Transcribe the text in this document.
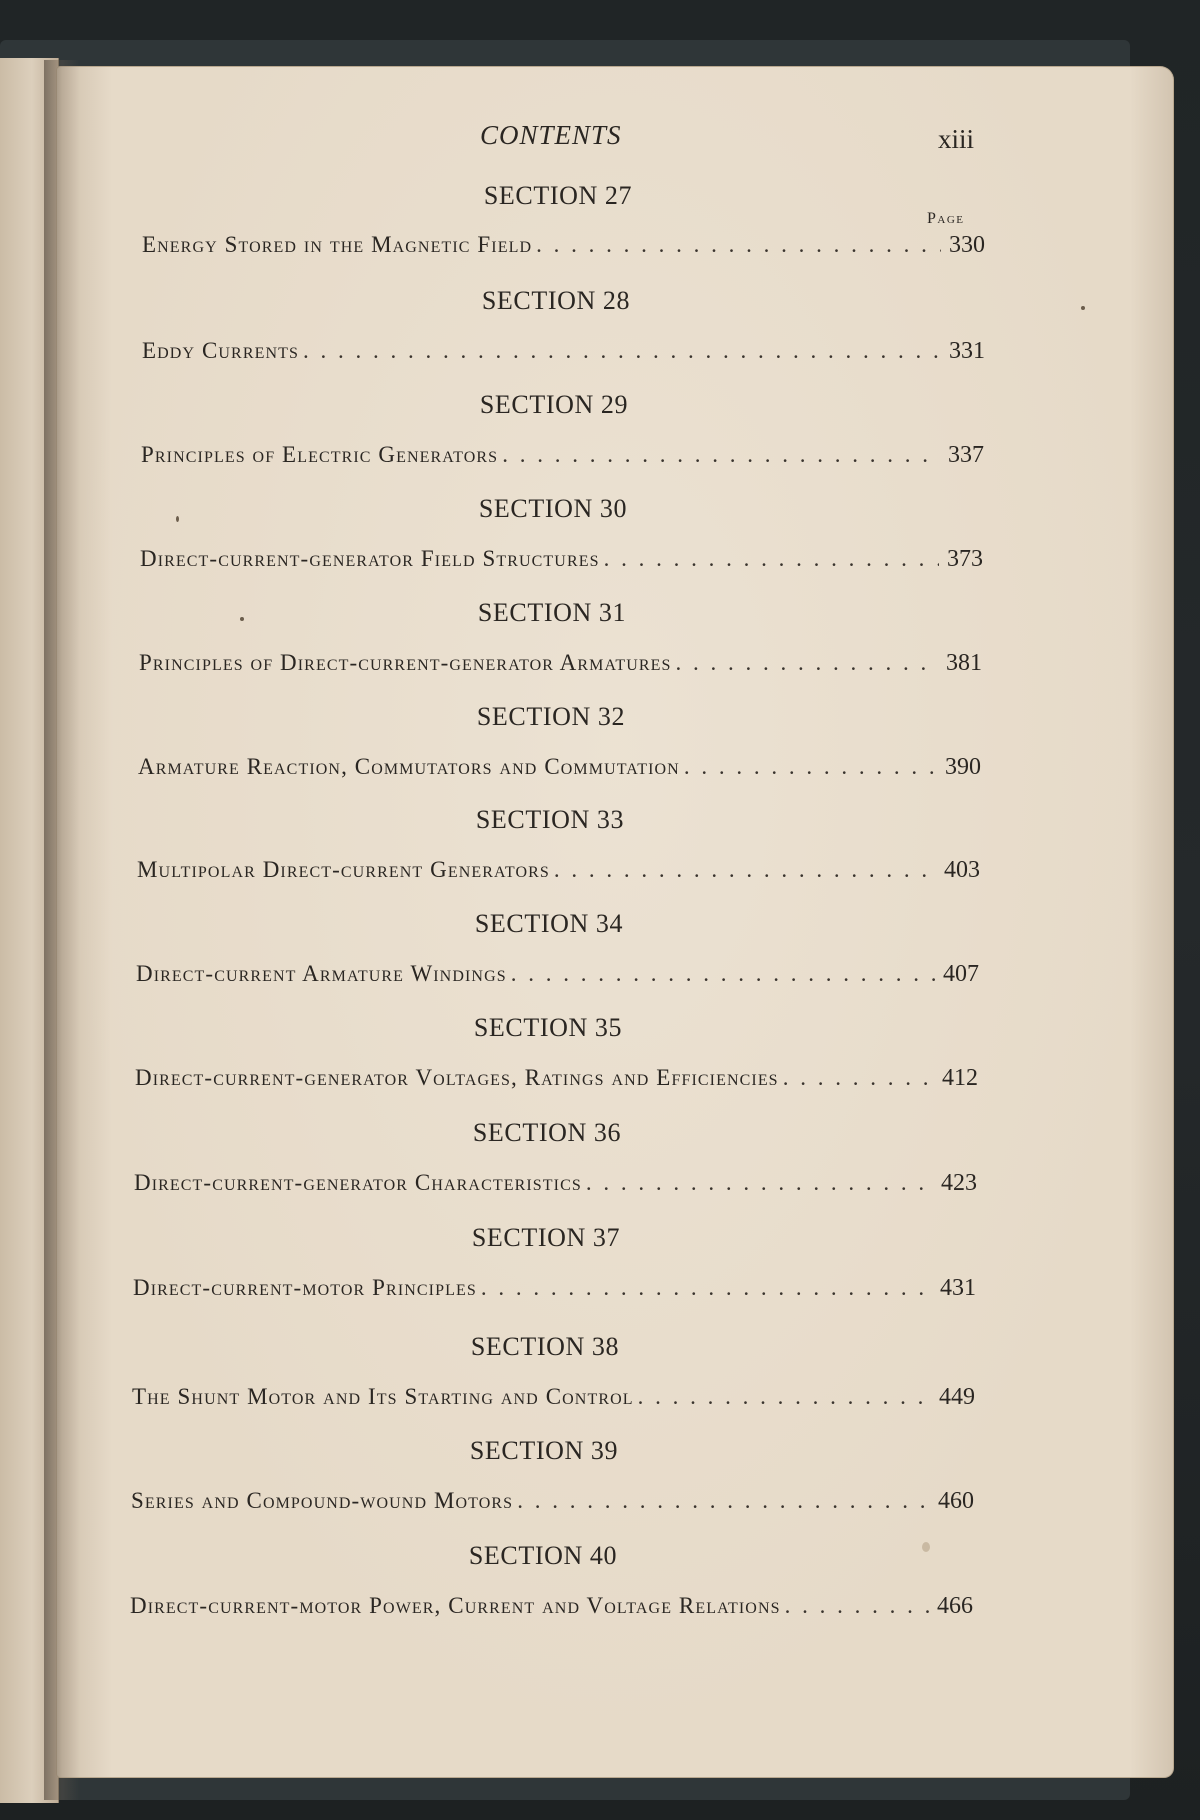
CONTENTS	xiii
Page
SECTION 27
Energy Stored in the Magnetic Field . . .	330
SECTION 28
Eddy Currents . . .	331
SECTION 29
Principles of Electric Generators . . .	337
SECTION 30
Direct-current-generator Field Structures . . .	373
SECTION 31
Principles of Direct-current-generator Armatures . . .	381
SECTION 32
Armature Reaction, Commutators and Commutation . . .	390
SECTION 33
Multipolar Direct-current Generators . . .	403
SECTION 34
Direct-current Armature Windings . . .	407
SECTION 35
Direct-current-generator Voltages, Ratings and Efficiencies . . .	412
SECTION 36
Direct-current-generator Characteristics . . .	423
SECTION 37
Direct-current-motor Principles . . .	431
SECTION 38
The Shunt Motor and Its Starting and Control . . .	449
SECTION 39
Series and Compound-wound Motors . . .	460
SECTION 40
Direct-current-motor Power, Current and Voltage Relations . . .	466
